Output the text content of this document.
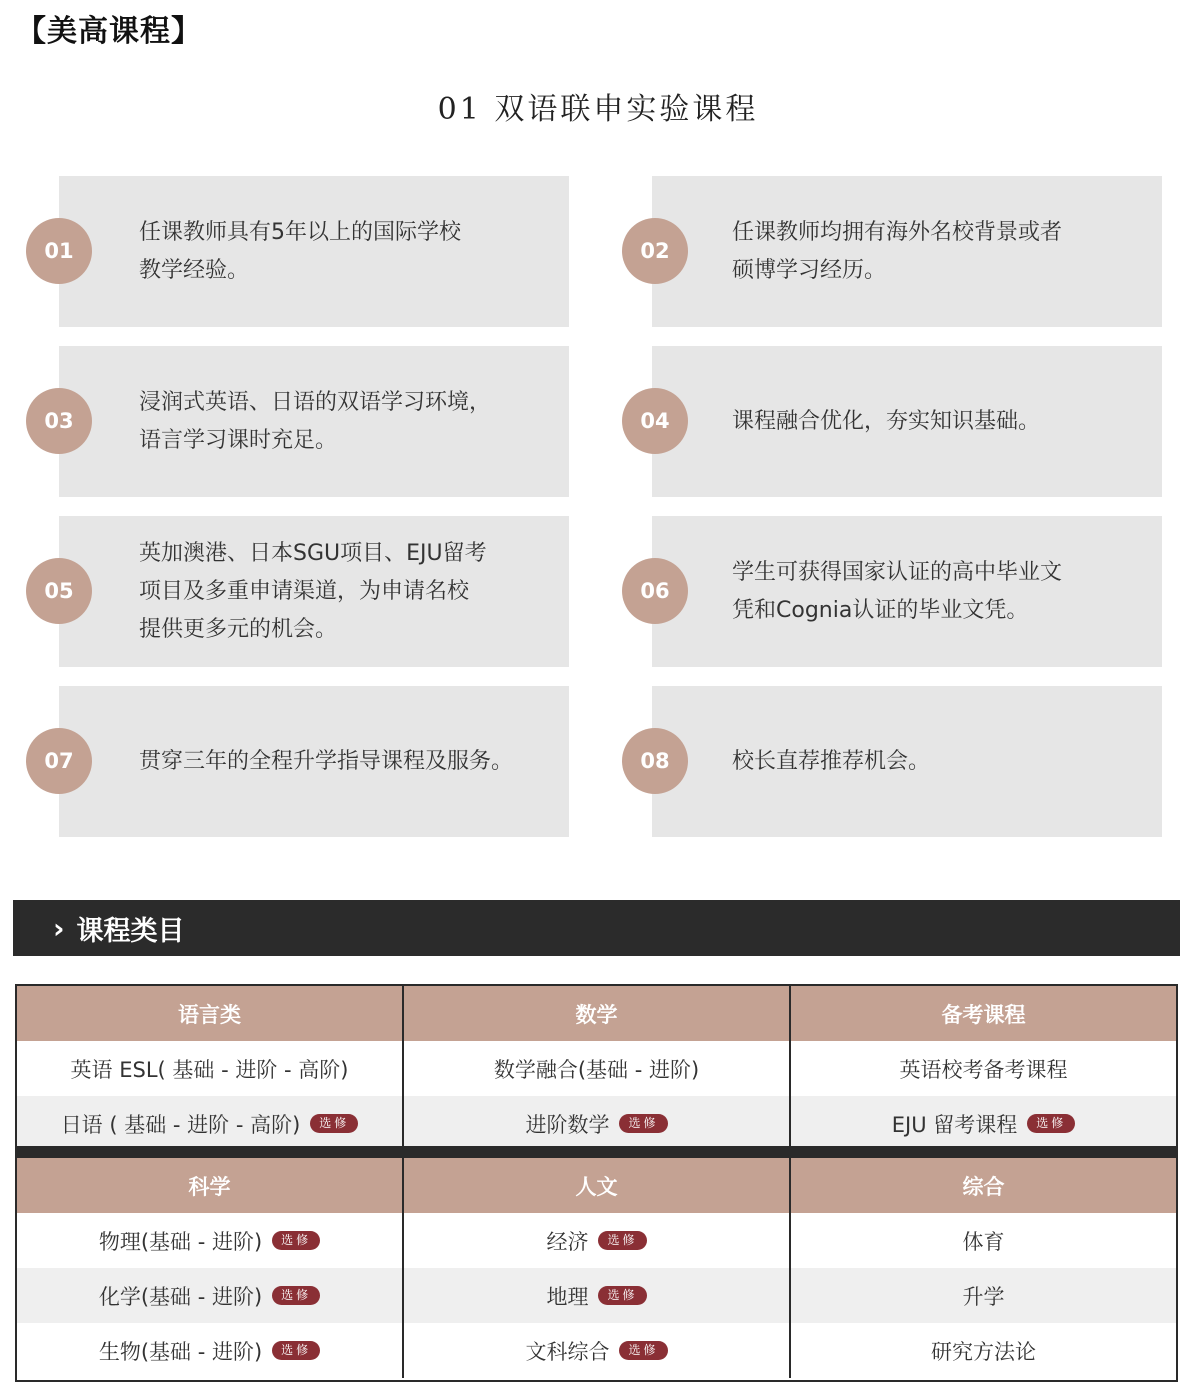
【美高课程】
01 双语联申实验课程
任课教师具有5年以上的国际学校
教学经验。
01
任课教师均拥有海外名校背景或者
硕博学习经历。
02
浸润式英语、日语的双语学习环境，
语言学习课时充足。
03	课程融合优化，夯实知识基础。
04
英加澳港、日本SGU项目、EJU留考
项目及多重申请渠道，为申请名校
提供更多元的机会。
05
学生可获得国家认证的高中毕业文
凭和Cognia认证的毕业文凭。
06
贯穿三年的全程升学指导课程及服务。
07	校长直荐推荐机会。
08
› 课程类目
语言类	数学	备考课程
英语 ESL( 基础 - 进阶 - 高阶)	数学融合(基础 - 进阶)	英语校考备考课程
日语 ( 基础 - 进阶 - 高阶)	选修	进阶数学	选修	EJU 留考课程	选修
科学	人文	综合
物理(基础 - 进阶)	选修	经济	选修	体育
化学(基础 - 进阶)	选修	地理	选修	升学
生物(基础 - 进阶)	选修	文科综合	选修	研究方法论
